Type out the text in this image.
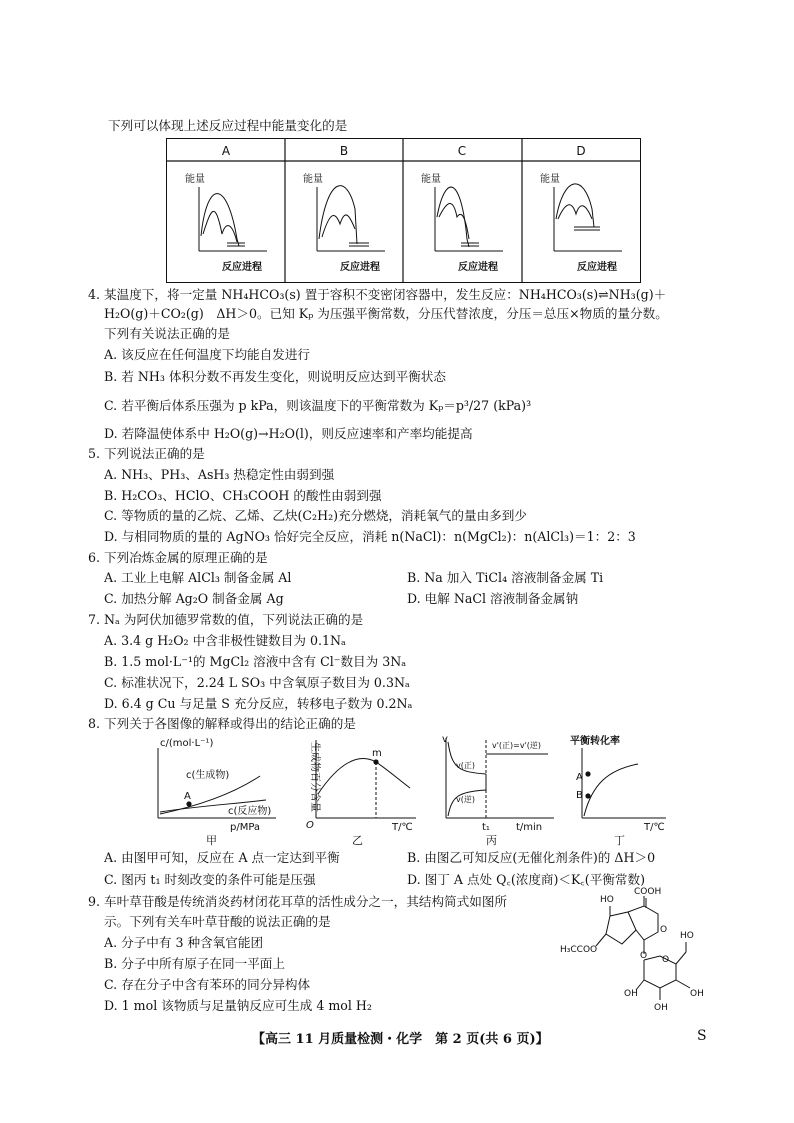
下列可以体现上述反应过程中能量变化的是
A	B	C	D
能量
反应进程
能量
反应进程
能量
反应进程
能量
反应进程
4. 某温度下，将一定量 NH₄HCO₃(s) 置于容积不变密闭容器中，发生反应：NH₄HCO₃(s)⇌NH₃(g)＋
H₂O(g)＋CO₂(g)　ΔH＞0。已知 Kₚ 为压强平衡常数，分压代替浓度，分压＝总压×物质的量分数。
下列有关说法正确的是
A. 该反应在任何温度下均能自发进行
B. 若 NH₃ 体积分数不再发生变化，则说明反应达到平衡状态
C. 若平衡后体系压强为 p kPa，则该温度下的平衡常数为 Kₚ＝p³/27 (kPa)³
D. 若降温使体系中 H₂O(g)→H₂O(l)，则反应速率和产率均能提高
5. 下列说法正确的是
A. NH₃、PH₃、AsH₃ 热稳定性由弱到强
B. H₂CO₃、HClO、CH₃COOH 的酸性由弱到强
C. 等物质的量的乙烷、乙烯、乙炔(C₂H₂)充分燃烧，消耗氧气的量由多到少
D. 与相同物质的量的 AgNO₃ 恰好完全反应，消耗 n(NaCl)：n(MgCl₂)：n(AlCl₃)＝1：2：3
6. 下列冶炼金属的原理正确的是
A. 工业上电解 AlCl₃ 制备金属 Al	B. Na 加入 TiCl₄ 溶液制备金属 Ti
C. 加热分解 Ag₂O 制备金属 Ag	D. 电解 NaCl 溶液制备金属钠
7. Nₐ 为阿伏加德罗常数的值，下列说法正确的是
A. 3.4 g H₂O₂ 中含非极性键数目为 0.1Nₐ
B. 1.5 mol·L⁻¹的 MgCl₂ 溶液中含有 Cl⁻数目为 3Nₐ
C. 标准状况下，2.24 L SO₃ 中含氧原子数目为 0.3Nₐ
D. 6.4 g Cu 与足量 S 充分反应，转移电子数为 0.2Nₐ
8. 下列关于各图像的解释或得出的结论正确的是
c/(mol·L⁻¹)
A
c(生成物)
c(反应物)
p/MPa
甲
生成物百分含量	m
O	T/℃
乙
v
v(正)
v(逆)
v'(正)=v'(逆)
t₁	t/min
丙
平衡转化率
A
B
T/℃
丁
A. 由图甲可知，反应在 A 点一定达到平衡	B. 由图乙可知反应(无催化剂条件)的 ΔH＞0
C. 图丙 t₁ 时刻改变的条件可能是压强	D. 图丁 A 点处 Q꜀(浓度商)＜K꜀(平衡常数)
9. 车叶草苷酸是传统消炎药材闭花耳草的活性成分之一，其结构简式如图所
示。下列有关车叶草苷酸的说法正确的是
A. 分子中有 3 种含氧官能团
B. 分子中所有原子在同一平面上
C. 存在分子中含有苯环的同分异构体
D. 1 mol 该物质与足量钠反应可生成 4 mol H₂
HO
COOH
H₃CCOO
HO
OH	OH
OH
O
O O
【高三 11 月质量检测・化学　第 2 页(共 6 页)】	S
